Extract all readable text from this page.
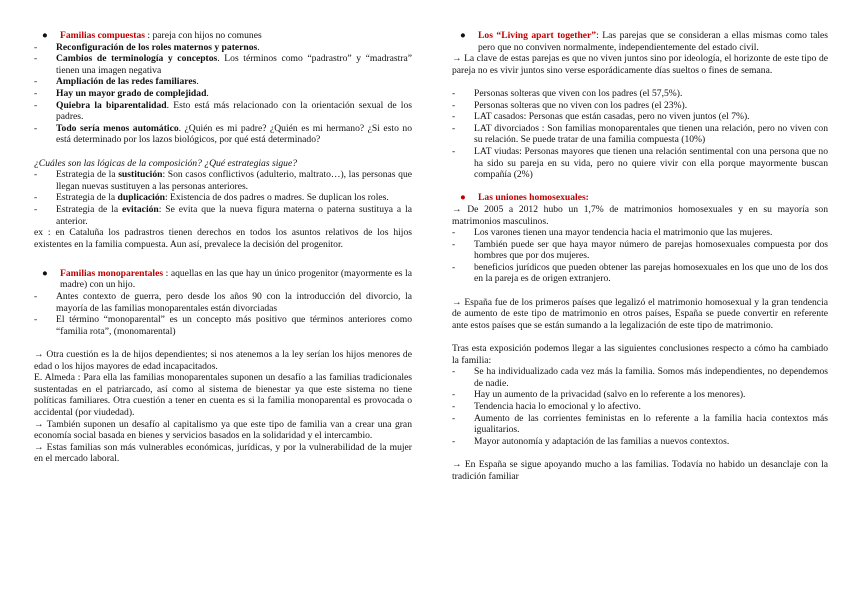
● Familias compuestas : pareja con hijos no comunes

- Reconfiguración de los roles maternos y paternos.
- Cambios de terminología y conceptos. Los términos como “padrastro” y “madrastra” tienen una imagen negativa
- Ampliación de las redes familiares.
- Hay un mayor grado de complejidad.
- Quiebra la biparentalidad. Esto está más relacionado con la orientación sexual de los padres.
- Todo sería menos automático. ¿Quién es mi padre? ¿Quién es mi hermano? ¿Si esto no está determinado por los lazos biológicos, por qué está determinado?

¿Cuáles son las lógicas de la composición? ¿Qué estrategias sigue?

- Estrategia de la sustitución: Son casos conflictivos (adulterio, maltrato…), las personas que llegan nuevas sustituyen a las personas anteriores.
- Estrategia de la duplicación: Existencia de dos padres o madres. Se duplican los roles.
- Estrategia de la evitación: Se evita que la nueva figura materna o paterna sustituya a la anterior.

ex : en Cataluña los padrastros tienen derechos en todos los asuntos relativos de los hijos existentes en la familia compuesta. Aun así, prevalece la decisión del progenitor.

● Familias monoparentales : aquellas en las que hay un único progenitor (mayormente es la madre) con un hijo.

- Antes contexto de guerra, pero desde los años 90 con la introducción del divorcio, la mayoría de las familias monoparentales están divorciadas
- El término “monoparental” es un concepto más positivo que términos anteriores como “familia rota”, (monomarental)

→ Otra cuestión es la de hijos dependientes; si nos atenemos a la ley serían los hijos menores de edad o los hijos mayores de edad incapacitados.

E. Almeda : Para ella las familias monoparentales suponen un desafío a las familias tradicionales sustentadas en el patriarcado, así como al sistema de bienestar ya que este sistema no tiene políticas familiares. Otra cuestión a tener en cuenta es si la familia monoparental es provocada o accidental (por viudedad).

→ También suponen un desafío al capitalismo ya que este tipo de familia van a crear una gran economía social basada en bienes y servicios basados en la solidaridad y el intercambio.

→ Estas familias son más vulnerables económicas, jurídicas, y por la vulnerabilidad de la mujer en el mercado laboral.

● Los “Living apart together”: Las parejas que se consideran a ellas mismas como tales pero que no conviven normalmente, independientemente del estado civil.

→ La clave de estas parejas es que no viven juntos sino por ideología, el horizonte de este tipo de pareja no es vivir juntos sino verse esporádicamente días sueltos o fines de semana.

- Personas solteras que viven con los padres (el 57,5%).
- Personas solteras que no viven con los padres (el 23%).
- LAT casados: Personas que están casadas, pero no viven juntos (el 7%).
- LAT divorciados : Son familias monoparentales que tienen una relación, pero no viven con su relación. Se puede tratar de una familia compuesta (10%)
- LAT viudas: Personas mayores que tienen una relación sentimental con una persona que no ha sido su pareja en su vida, pero no quiere vivir con ella porque mayormente buscan compañía (2%)

● Las uniones homosexuales:

→ De 2005 a 2012 hubo un 1,7% de matrimonios homosexuales y en su mayoría son matrimonios masculinos.

- Los varones tienen una mayor tendencia hacia el matrimonio que las mujeres.
- También puede ser que haya mayor número de parejas homosexuales compuesta por dos hombres que por dos mujeres.
- beneficios jurídicos que pueden obtener las parejas homosexuales en los que uno de los dos en la pareja es de origen extranjero.

→ España fue de los primeros países que legalizó el matrimonio homosexual y la gran tendencia de aumento de este tipo de matrimonio en otros países, España se puede convertir en referente ante estos países que se están sumando a la legalización de este tipo de matrimonio.

Tras esta exposición podemos llegar a las siguientes conclusiones respecto a cómo ha cambiado la familia:

- Se ha individualizado cada vez más la familia. Somos más independientes, no dependemos de nadie.
- Hay un aumento de la privacidad (salvo en lo referente a los menores).
- Tendencia hacia lo emocional y lo afectivo.
- Aumento de las corrientes feministas en lo referente a la familia hacia contextos más igualitarios.
- Mayor autonomía y adaptación de las familias a nuevos contextos.

→ En España se sigue apoyando mucho a las familias. Todavía no habido un desanclaje con la tradición familiar
